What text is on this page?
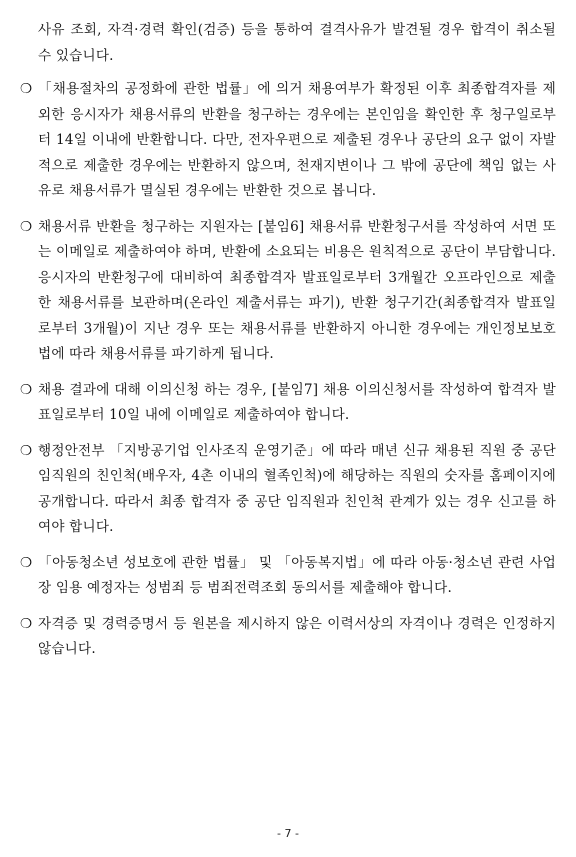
사유 조회, 자격·경력 확인(검증) 등을 통하여 결격사유가 발견될 경우 합격이 취소될 수 있습니다.

❍ 「채용절차의 공정화에 관한 법률」에 의거 채용여부가 확정된 이후 최종합격자를 제외한 응시자가 채용서류의 반환을 청구하는 경우에는 본인임을 확인한 후 청구일로부터 14일 이내에 반환합니다. 다만, 전자우편으로 제출된 경우나 공단의 요구 없이 자발적으로 제출한 경우에는 반환하지 않으며, 천재지변이나 그 밖에 공단에 책임 없는 사유로 채용서류가 멸실된 경우에는 반환한 것으로 봅니다.
❍ 채용서류 반환을 청구하는 지원자는 [붙임6] 채용서류 반환청구서를 작성하여 서면 또는 이메일로 제출하여야 하며, 반환에 소요되는 비용은 원칙적으로 공단이 부담합니다. 응시자의 반환청구에 대비하여 최종합격자 발표일로부터 3개월간 오프라인으로 제출한 채용서류를 보관하며(온라인 제출서류는 파기), 반환 청구기간(최종합격자 발표일로부터 3개월)이 지난 경우 또는 채용서류를 반환하지 아니한 경우에는 개인정보보호법에 따라 채용서류를 파기하게 됩니다.
❍ 채용 결과에 대해 이의신청 하는 경우, [붙임7] 채용 이의신청서를 작성하여 합격자 발표일로부터 10일 내에 이메일로 제출하여야 합니다.
❍ 행정안전부 「지방공기업 인사조직 운영기준」에 따라 매년 신규 채용된 직원 중 공단 임직원의 친인척(배우자, 4촌 이내의 혈족인척)에 해당하는 직원의 숫자를 홈페이지에 공개합니다. 따라서 최종 합격자 중 공단 임직원과 친인척 관계가 있는 경우 신고를 하여야 합니다.
❍ 「아동청소년 성보호에 관한 법률」 및 「아동복지법」에 따라 아동·청소년 관련 사업장 임용 예정자는 성범죄 등 범죄전력조회 동의서를 제출해야 합니다.
❍ 자격증 및 경력증명서 등 원본을 제시하지 않은 이력서상의 자격이나 경력은 인정하지 않습니다.
- 7 -
